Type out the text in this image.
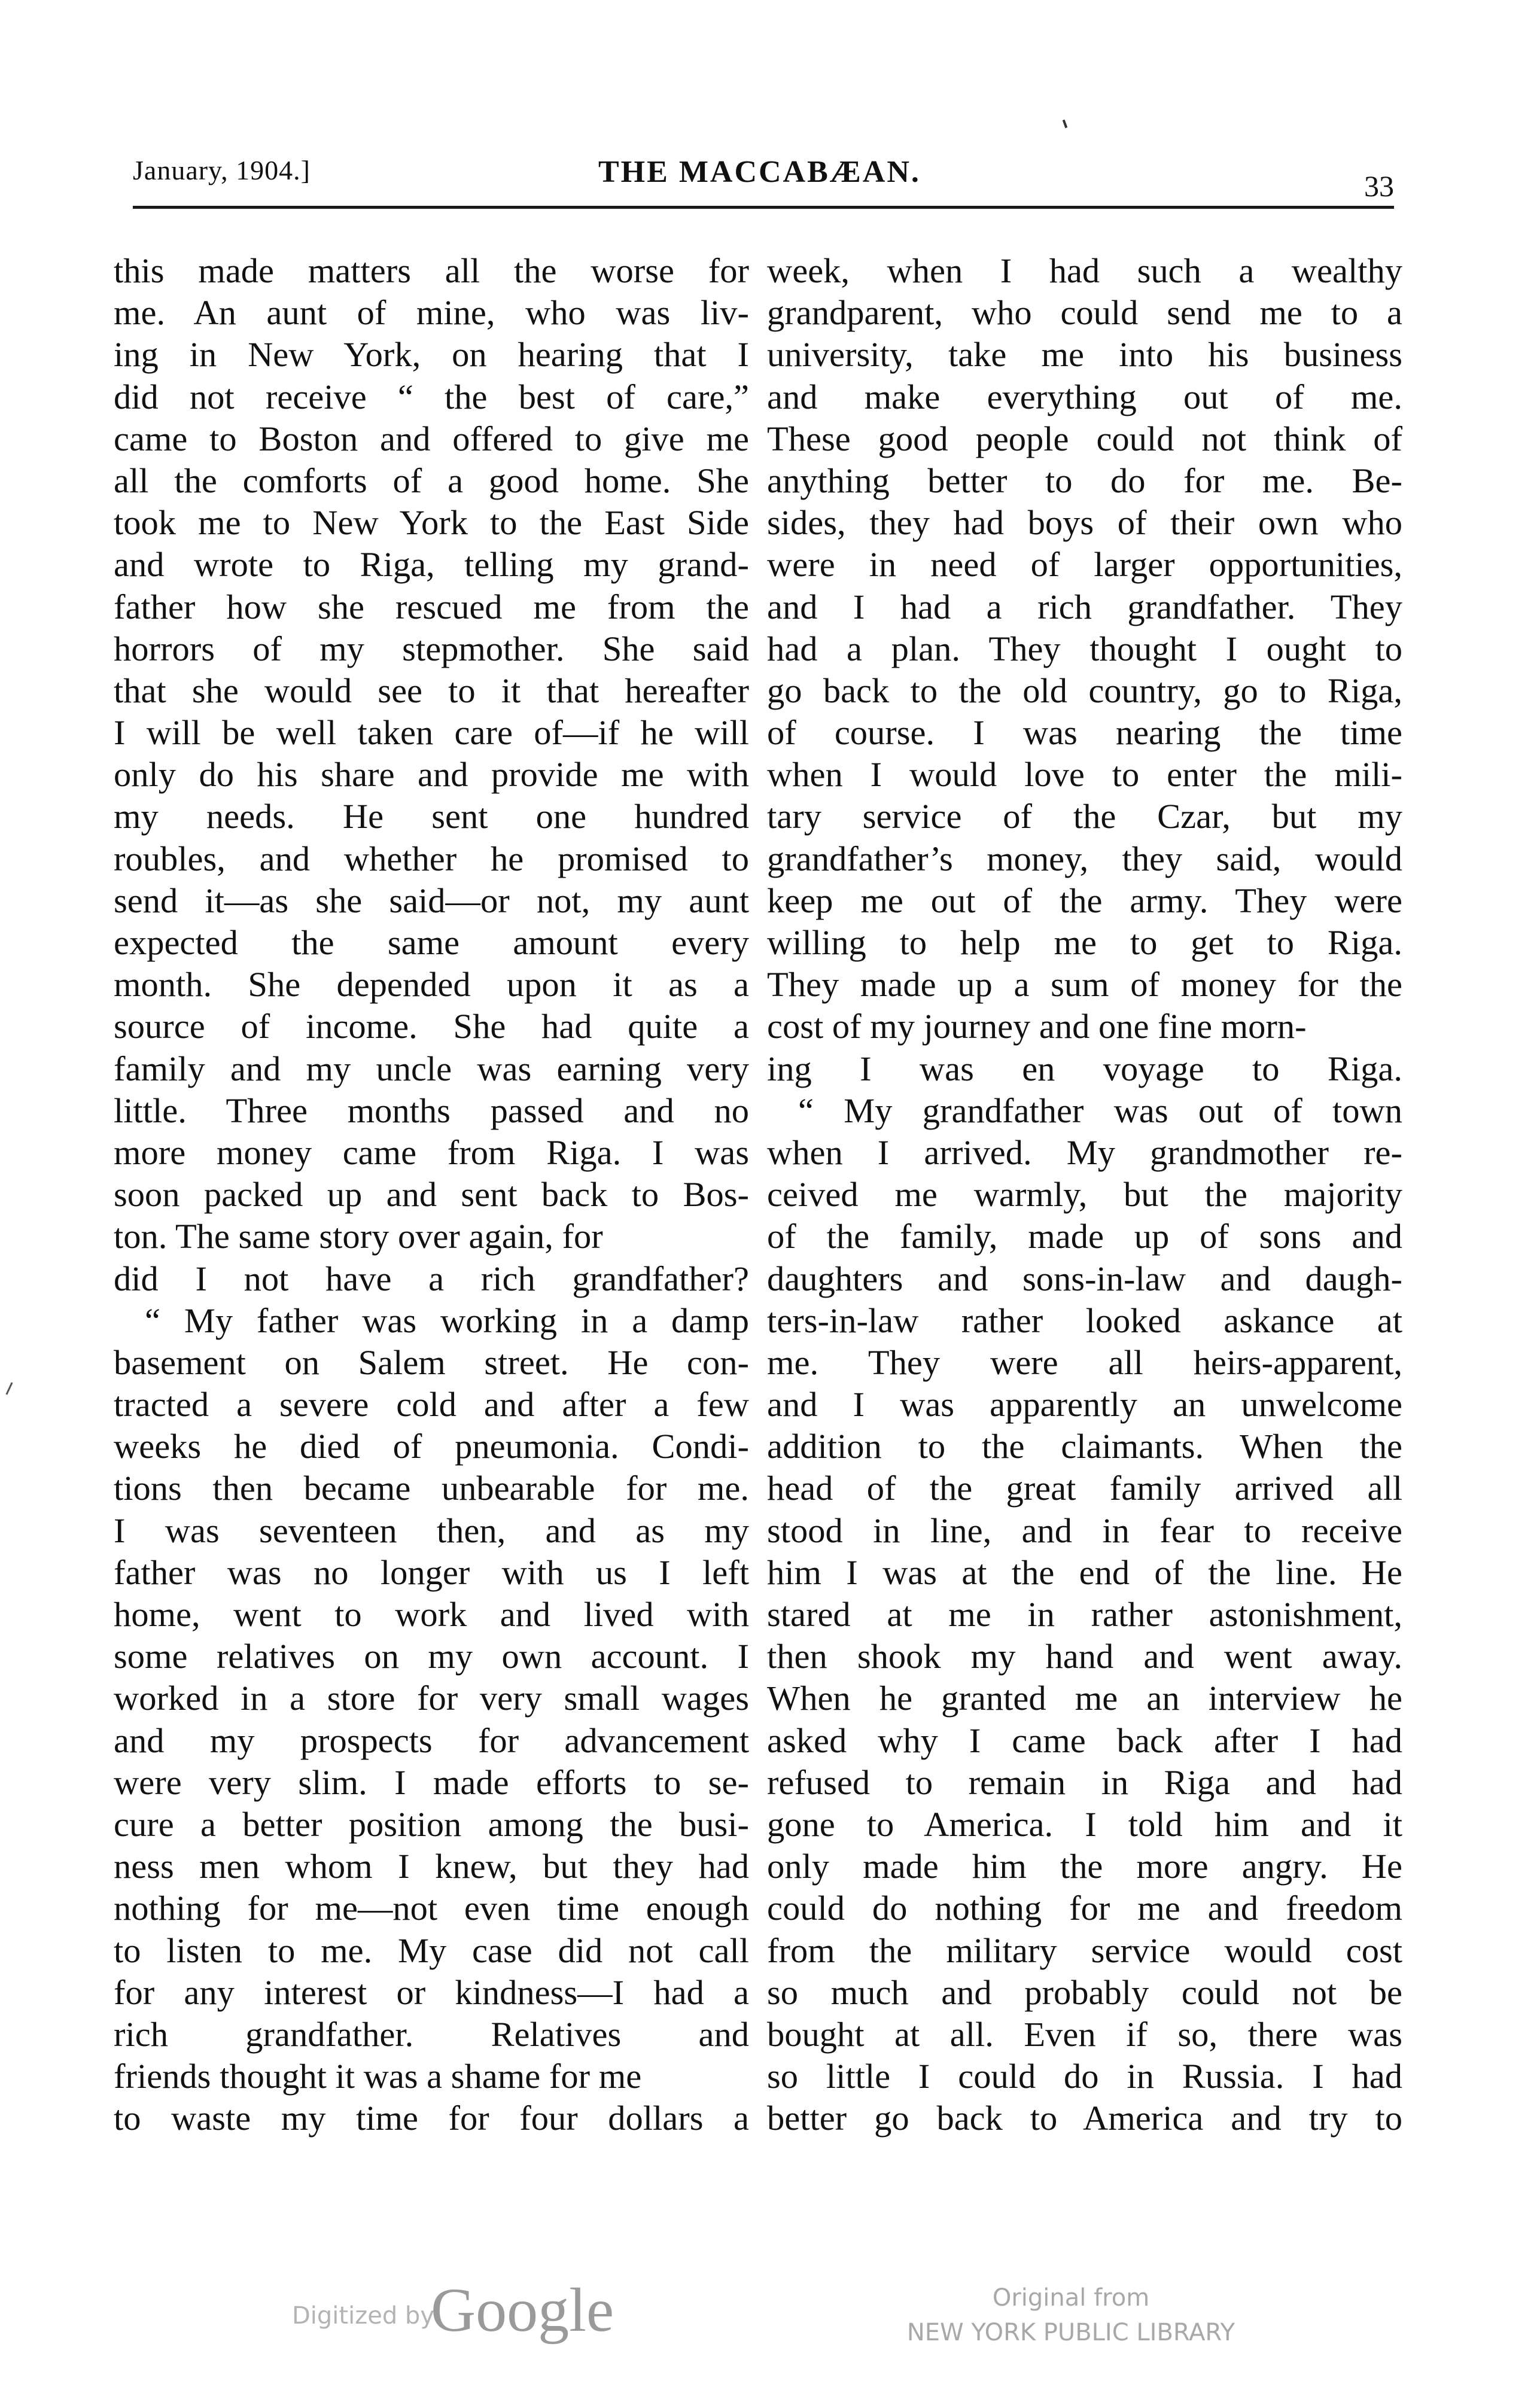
January, 1904.]	THE MACCABÆAN.	33
this made matters all the worse for
me. An aunt of mine, who was liv-
ing in New York, on hearing that I
did not receive “ the best of care,”
came to Boston and offered to give me
all the comforts of a good home. She
took me to New York to the East Side
and wrote to Riga, telling my grand-
father how she rescued me from the
horrors of my stepmother. She said
that she would see to it that hereafter
I will be well taken care of—if he will
only do his share and provide me with
my needs. He sent one hundred
roubles, and whether he promised to
send it—as she said—or not, my aunt
expected the same amount every
month. She depended upon it as a
source of income. She had quite a
family and my uncle was earning very
little. Three months passed and no
more money came from Riga. I was
soon packed up and sent back to Bos-
ton. The same story over again, for
did I not have a rich grandfather?
“ My father was working in a damp
basement on Salem street. He con-
tracted a severe cold and after a few
weeks he died of pneumonia. Condi-
tions then became unbearable for me.
I was seventeen then, and as my
father was no longer with us I left
home, went to work and lived with
some relatives on my own account. I
worked in a store for very small wages
and my prospects for advancement
were very slim. I made efforts to se-
cure a better position among the busi-
ness men whom I knew, but they had
nothing for me—not even time enough
to listen to me. My case did not call
for any interest or kindness—I had a
rich grandfather. Relatives and
friends thought it was a shame for me
to waste my time for four dollars a
week, when I had such a wealthy
grandparent, who could send me to a
university, take me into his business
and make everything out of me.
These good people could not think of
anything better to do for me. Be-
sides, they had boys of their own who
were in need of larger opportunities,
and I had a rich grandfather. They
had a plan. They thought I ought to
go back to the old country, go to Riga,
of course. I was nearing the time
when I would love to enter the mili-
tary service of the Czar, but my
grandfather’s money, they said, would
keep me out of the army. They were
willing to help me to get to Riga.
They made up a sum of money for the
cost of my journey and one fine morn-
ing I was en voyage to Riga.
“ My grandfather was out of town
when I arrived. My grandmother re-
ceived me warmly, but the majority
of the family, made up of sons and
daughters and sons-in-law and daugh-
ters-in-law rather looked askance at
me. They were all heirs-apparent,
and I was apparently an unwelcome
addition to the claimants. When the
head of the great family arrived all
stood in line, and in fear to receive
him I was at the end of the line. He
stared at me in rather astonishment,
then shook my hand and went away.
When he granted me an interview he
asked why I came back after I had
refused to remain in Riga and had
gone to America. I told him and it
only made him the more angry. He
could do nothing for me and freedom
from the military service would cost
so much and probably could not be
bought at all. Even if so, there was
so little I could do in Russia. I had
better go back to America and try to
Digitized by
Google	Original from
NEW YORK PUBLIC LIBRARY
